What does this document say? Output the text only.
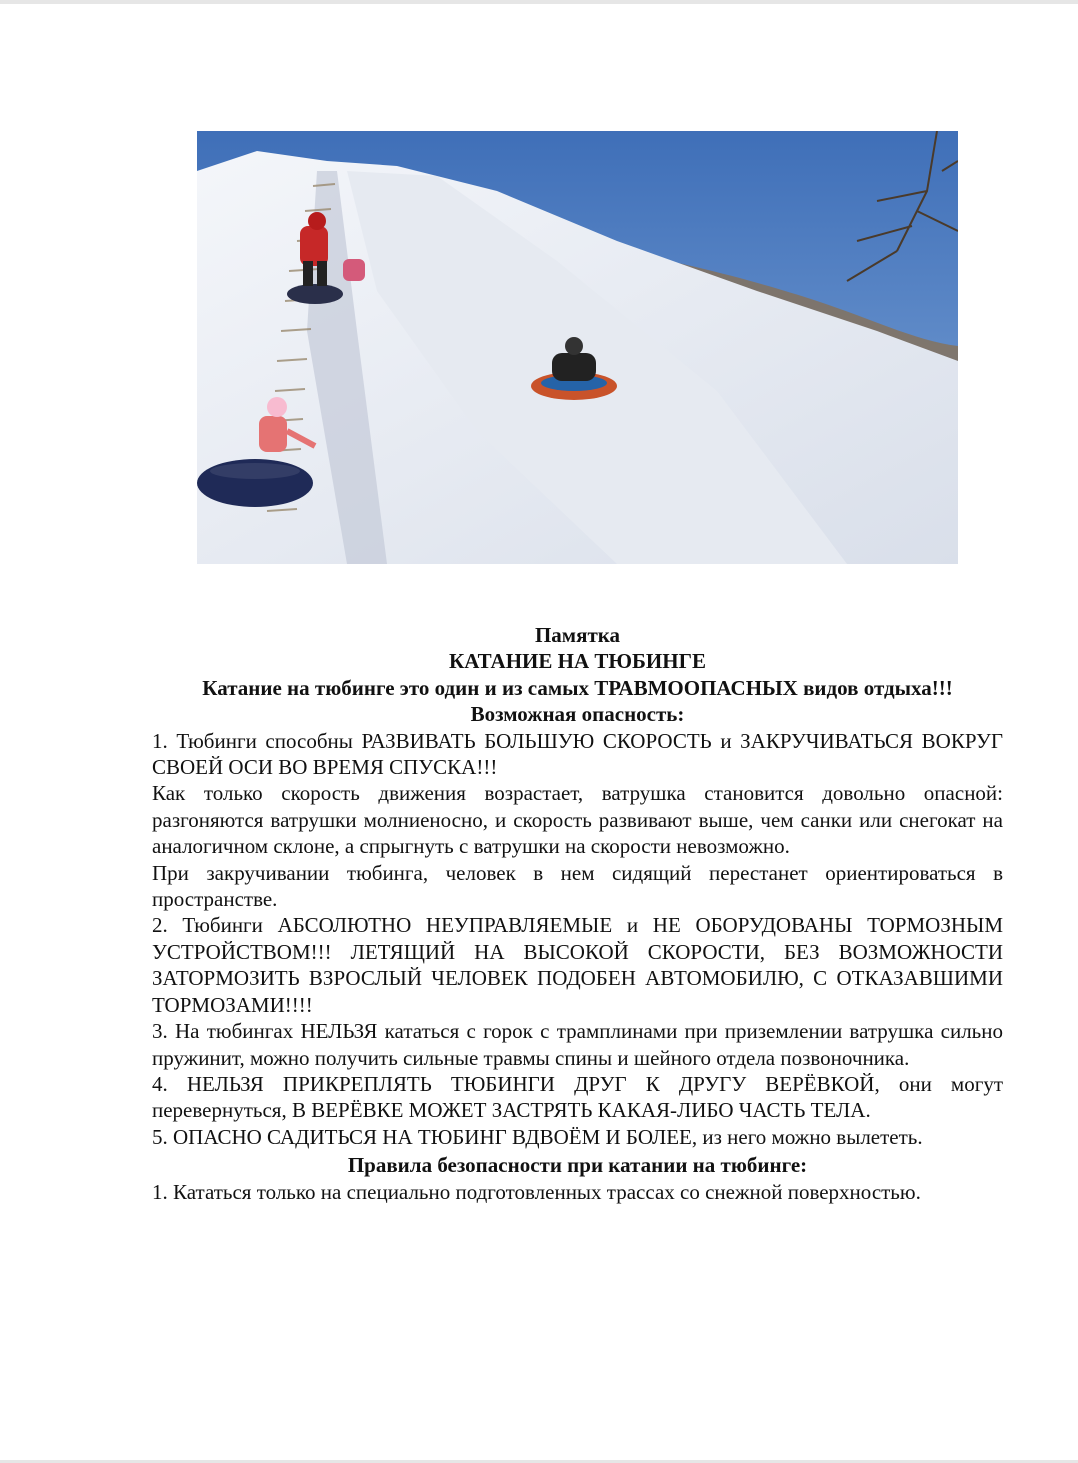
Памятка

КАТАНИЕ НА ТЮБИНГЕ

Катание на тюбинге это один и из самых ТРАВМООПАСНЫХ видов отдыха!!!

Возможная опасность:

1. Тюбинги способны РАЗВИВАТЬ БОЛЬШУЮ СКОРОСТЬ и ЗАКРУЧИВАТЬСЯ ВОКРУГ СВОЕЙ ОСИ ВО ВРЕМЯ СПУСКА!!!

Как только скорость движения возрастает, ватрушка становится довольно опасной: разгоняются ватрушки молниеносно, и скорость развивают выше, чем санки или снегокат на аналогичном склоне, а спрыгнуть с ватрушки на скорости невозможно.

При закручивании тюбинга, человек в нем сидящий перестанет ориентироваться в пространстве.

2. Тюбинги АБСОЛЮТНО НЕУПРАВЛЯЕМЫЕ и НЕ ОБОРУДОВАНЫ ТОРМОЗНЫМ УСТРОЙСТВОМ!!! ЛЕТЯЩИЙ НА ВЫСОКОЙ СКОРОСТИ, БЕЗ ВОЗМОЖНОСТИ ЗАТОРМОЗИТЬ ВЗРОСЛЫЙ ЧЕЛОВЕК ПОДОБЕН АВТОМОБИЛЮ, С ОТКАЗАВШИМИ ТОРМОЗАМИ!!!!

3. На тюбингах НЕЛЬЗЯ кататься с горок с трамплинами при приземлении ватрушка сильно пружинит, можно получить сильные травмы спины и шейного отдела позвоночника.

4. НЕЛЬЗЯ ПРИКРЕПЛЯТЬ ТЮБИНГИ ДРУГ К ДРУГУ ВЕРЁВКОЙ, они могут перевернуться, В ВЕРЁВКЕ МОЖЕТ ЗАСТРЯТЬ КАКАЯ-ЛИБО ЧАСТЬ ТЕЛА.

5. ОПАСНО САДИТЬСЯ НА ТЮБИНГ ВДВОЁМ И БОЛЕЕ, из него можно вылететь.

Правила безопасности при катании на тюбинге:

1. Кататься только на специально подготовленных трассах со снежной поверхностью.
